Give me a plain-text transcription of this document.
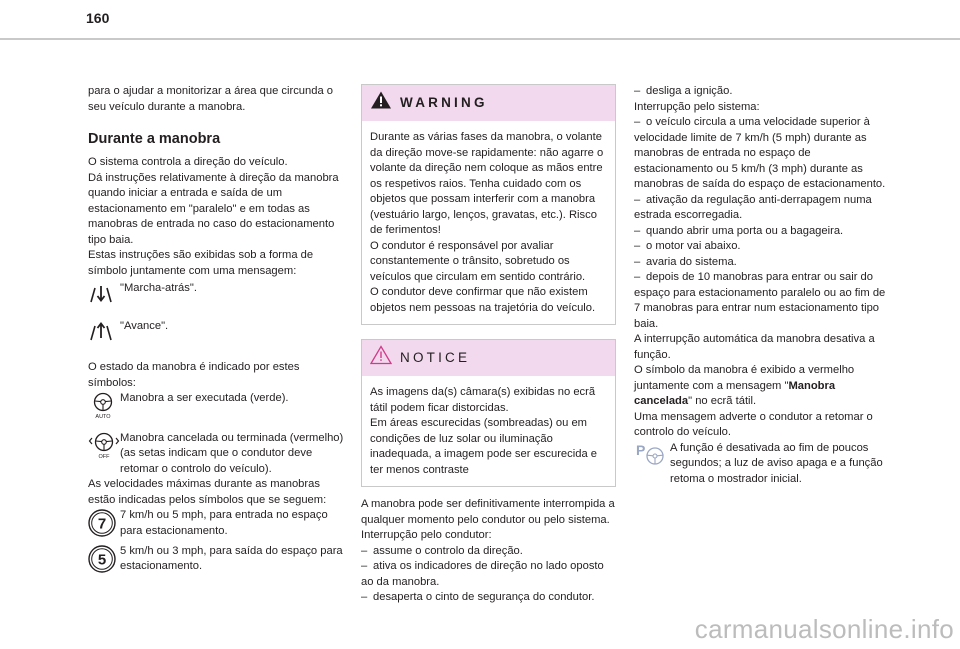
160

para o ajudar a monitorizar a área que circunda o seu veículo durante a manobra.

Durante a manobra

O sistema controla a direção do veículo.

Dá instruções relativamente à direção da manobra quando iniciar a entrada e saída de um estacionamento em "paralelo" e em todas as manobras de entrada no caso do estacionamento tipo baia.

Estas instruções são exibidas sob a forma de símbolo juntamente com uma mensagem:

"Marcha-atrás".
"Avance".

O estado da manobra é indicado por estes símbolos:

AUTO
Manobra a ser executada (verde).
OFF
Manobra cancelada ou terminada (vermelho) (as setas indicam que o condutor deve retomar o controlo do veículo).

As velocidades máximas durante as manobras estão indicadas pelos símbolos que se seguem:

7
7 km/h ou 5 mph, para entrada no espaço para estacionamento.
5
5 km/h ou 3 mph, para saída do espaço para estacionamento.
WARNING

Durante as várias fases da manobra, o volante da direção move-se rapidamente: não agarre o volante da direção nem coloque as mãos entre os respetivos raios. Tenha cuidado com os objetos que possam interferir com a manobra (vestuário largo, lenços, gravatas, etc.). Risco de ferimentos!

O condutor é responsável por avaliar constantemente o trânsito, sobretudo os veículos que circulam em sentido contrário.

O condutor deve confirmar que não existem objetos nem pessoas na trajetória do veículo.

NOTICE

As imagens da(s) câmara(s) exibidas no ecrã tátil podem ficar distorcidas.

Em áreas escurecidas (sombreadas) ou em condições de luz solar ou iluminação inadequada, a imagem pode ser escurecida e ter menos contraste

A manobra pode ser definitivamente interrompida a qualquer momento pelo condutor ou pelo sistema.

Interrupção pelo condutor:

– assume o controlo da direção.

– ativa os indicadores de direção no lado oposto ao da manobra.

– desaperta o cinto de segurança do condutor.

– desliga a ignição.

Interrupção pelo sistema:

– o veículo circula a uma velocidade superior à velocidade limite de 7 km/h (5 mph) durante as manobras de entrada no espaço de estacionamento ou 5 km/h (3 mph) durante as manobras de saída do espaço de estacionamento.

– ativação da regulação anti-derrapagem numa estrada escorregadia.

– quando abrir uma porta ou a bagageira.

– o motor vai abaixo.

– avaria do sistema.

– depois de 10 manobras para entrar ou sair do espaço para estacionamento paralelo ou ao fim de 7 manobras para entrar num estacionamento tipo baia.

A interrupção automática da manobra desativa a função.

O símbolo da manobra é exibido a vermelho juntamente com a mensagem "Manobra cancelada" no ecrã tátil.

Uma mensagem adverte o condutor a retomar o controlo do veículo.

P A função é desativada ao fim de poucos segundos; a luz de aviso apaga e a função retoma o mostrador inicial.
carmanualsonline.info
